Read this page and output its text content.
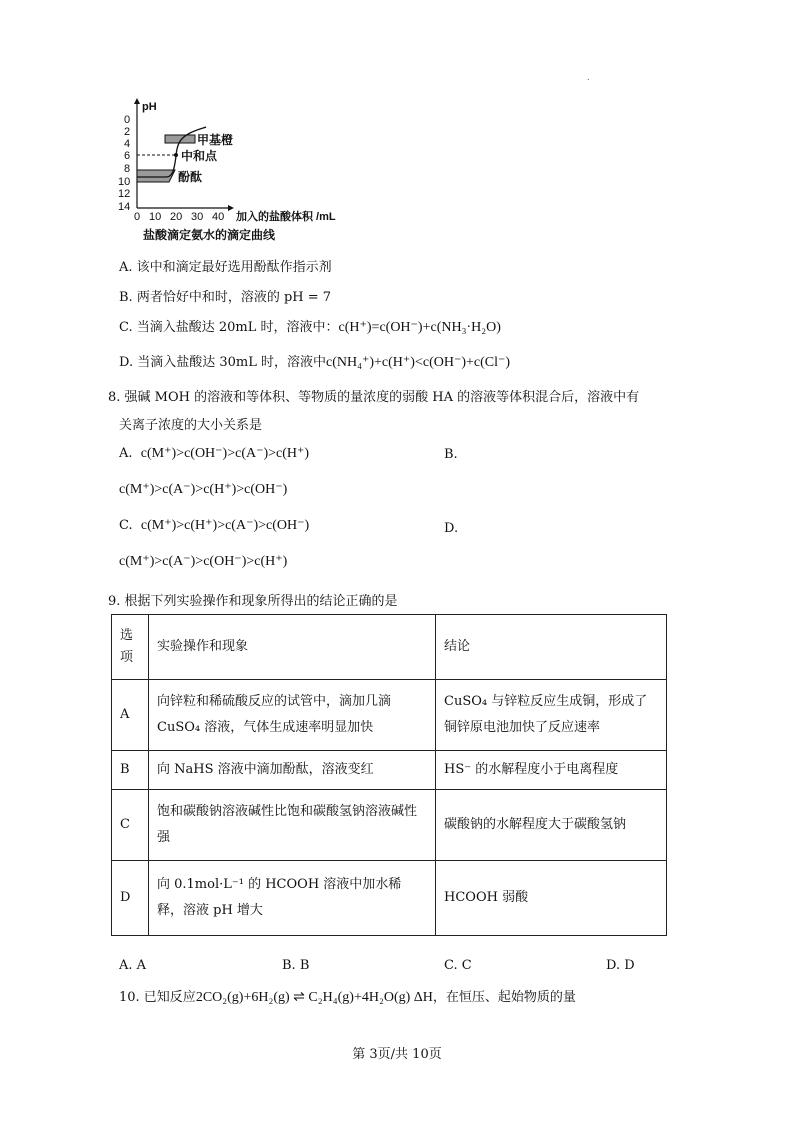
.
pH
0
2
4
6
8
10
12
14
0 10 20 30 40 加入的盐酸体积 /mL
甲基橙
中和点
酚酞
盐酸滴定氨水的滴定曲线
A. 该中和滴定最好选用酚酞作指示剂
B. 两者恰好中和时，溶液的 pH = 7
C. 当滴入盐酸达 20mL 时，溶液中：c(H⁺)=c(OH⁻)+c(NH₃·H₂O)
D. 当滴入盐酸达 30mL 时，溶液中c(NH₄⁺)+c(H⁺)<c(OH⁻)+c(Cl⁻)
8. 强碱 MOH 的溶液和等体积、等物质的量浓度的弱酸 HA 的溶液等体积混合后，溶液中有
关离子浓度的大小关系是
A. c(M⁺)>c(OH⁻)>c(A⁻)>c(H⁺)	B.
c(M⁺)>c(A⁻)>c(H⁺)>c(OH⁻)
C. c(M⁺)>c(H⁺)>c(A⁻)>c(OH⁻)	D.
c(M⁺)>c(A⁻)>c(OH⁻)>c(H⁺)
9. 根据下列实验操作和现象所得出的结论正确的是
选项	实验操作和现象	结论
A	向锌粒和稀硫酸反应的试管中，滴加几滴 CuSO₄ 溶液，气体生成速率明显加快	CuSO₄ 与锌粒反应生成铜，形成了铜锌原电池加快了反应速率
B	向 NaHS 溶液中滴加酚酞，溶液变红	HS⁻ 的水解程度小于电离程度
C	饱和碳酸钠溶液碱性比饱和碳酸氢钠溶液碱性强	碳酸钠的水解程度大于碳酸氢钠
D	向 0.1mol·L⁻¹ 的 HCOOH 溶液中加水稀释，溶液 pH 增大	HCOOH 弱酸
A. A	B. B	C. C	D. D
10. 已知反应2CO₂(g)+6H₂(g) ⇌ C₂H₄(g)+4H₂O(g) ΔH，在恒压、起始物质的量
第 3页/共 10页
